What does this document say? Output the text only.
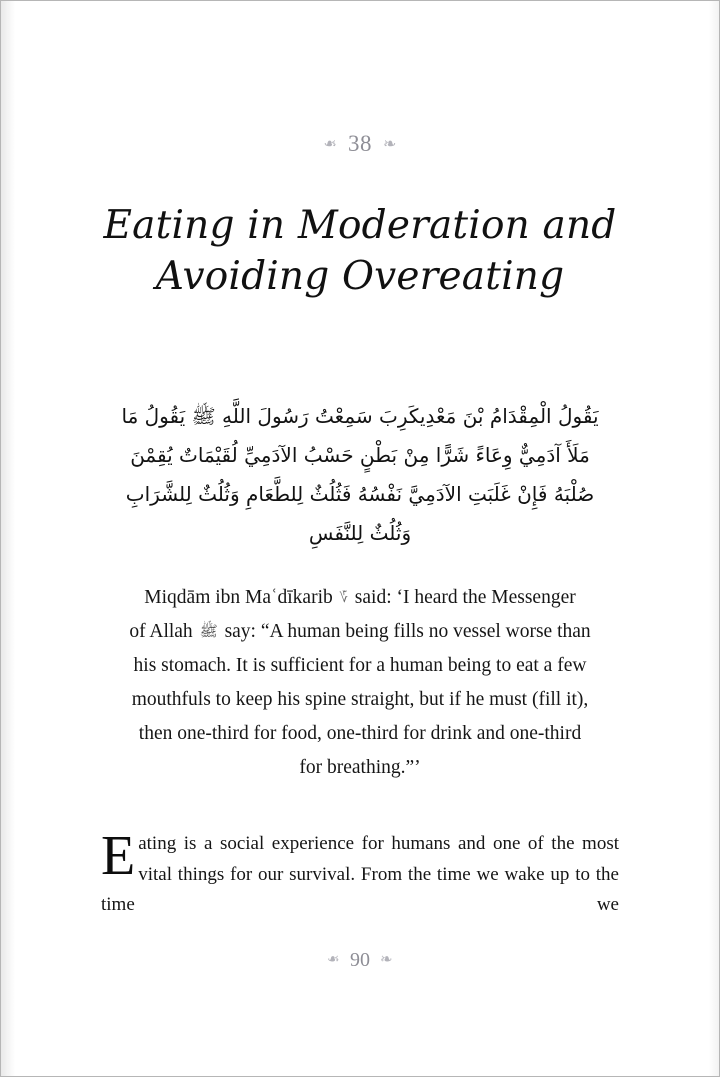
❧ 38 ❧
Eating in Moderation and
Avoiding Overeating
يَقُولُ الْمِقْدَامُ بْنَ مَعْدِيكَرِبَ سَمِعْتُ رَسُولَ اللَّهِ ﷺ يَقُولُ مَا
مَلَأَ آدَمِيٌّ وِعَاءً شَرًّا مِنْ بَطْنٍ حَسْبُ الآدَمِيِّ لُقَيْمَاتٌ يُقِمْنَ
صُلْبَهُ فَإِنْ غَلَبَتِ الآدَمِيَّ نَفْسُهُ فَثُلُثٌ لِلطَّعَامِ وَثُلُثٌ لِلشَّرَابِ
وَثُلُثٌ لِلنَّفَسِ
Miqdām ibn Maʿdīkarib ؆ said: ‘I heard the Messenger
of Allah ﷺ say: “A human being fills no vessel worse than
his stomach. It is sufficient for a human being to eat a few
mouthfuls to keep his spine straight, but if he must (fill it),
then one-third for food, one-third for drink and one-third
for breathing.”’
E ating is a social experience for humans and one of the most vital things for our survival. From the time we wake up to the time we
❧ 90 ❧
